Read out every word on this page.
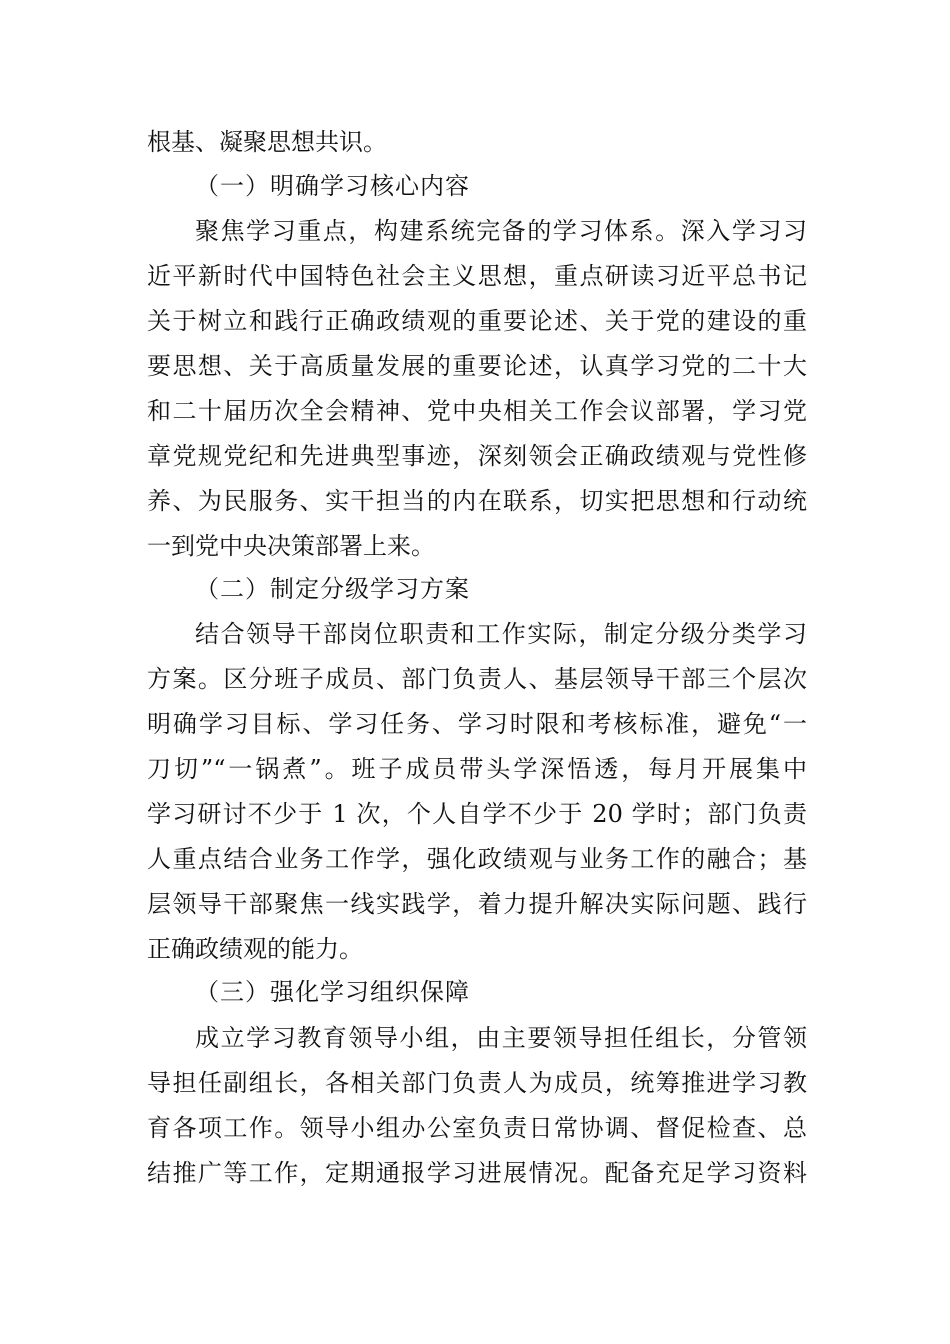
根基、凝聚思想共识。
（一）明确学习核心内容
聚焦学习重点，构建系统完备的学习体系。深入学习习
近平新时代中国特色社会主义思想，重点研读习近平总书记
关于树立和践行正确政绩观的重要论述、关于党的建设的重
要思想、关于高质量发展的重要论述，认真学习党的二十大
和二十届历次全会精神、党中央相关工作会议部署，学习党
章党规党纪和先进典型事迹，深刻领会正确政绩观与党性修
养、为民服务、实干担当的内在联系，切实把思想和行动统
一到党中央决策部署上来。
（二）制定分级学习方案
结合领导干部岗位职责和工作实际，制定分级分类学习
方案。区分班子成员、部门负责人、基层领导干部三个层次
明确学习目标、学习任务、学习时限和考核标准，避免“一
刀切”“一锅煮”。班子成员带头学深悟透，每月开展集中
学习研讨不少于 1 次，个人自学不少于 20 学时；部门负责
人重点结合业务工作学，强化政绩观与业务工作的融合；基
层领导干部聚焦一线实践学，着力提升解决实际问题、践行
正确政绩观的能力。
（三）强化学习组织保障
成立学习教育领导小组，由主要领导担任组长，分管领
导担任副组长，各相关部门负责人为成员，统筹推进学习教
育各项工作。领导小组办公室负责日常协调、督促检查、总
结推广等工作，定期通报学习进展情况。配备充足学习资料
